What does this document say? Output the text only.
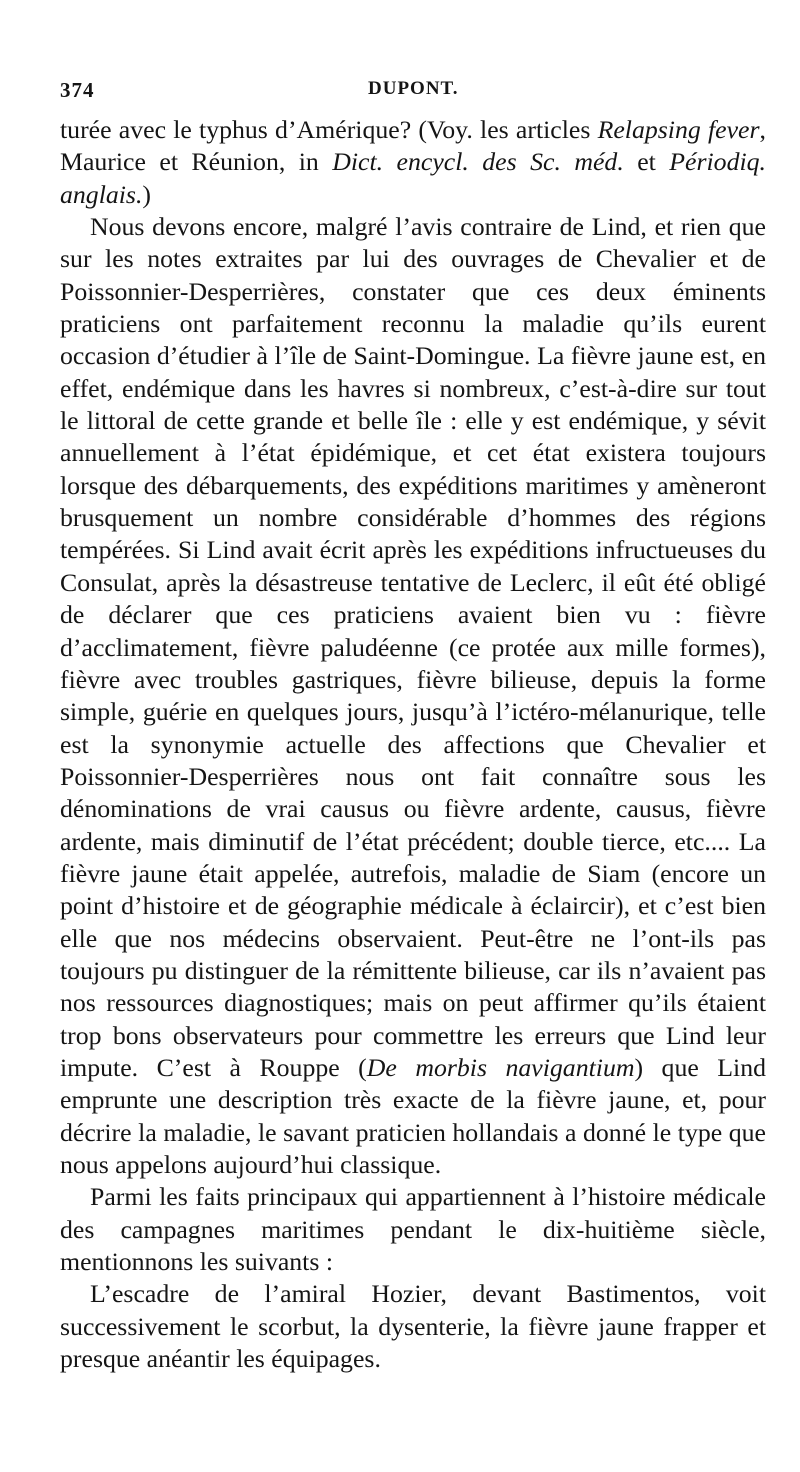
374	DUPONT.

turée avec le typhus d’Amérique? (Voy. les articles Relapsing fever, Maurice et Réunion, in Dict. encycl. des Sc. méd. et Périodiq. anglais.)

Nous devons encore, malgré l’avis contraire de Lind, et rien que sur les notes extraites par lui des ouvrages de Chevalier et de Poissonnier-Desperrières, constater que ces deux éminents praticiens ont parfaitement reconnu la maladie qu’ils eurent occasion d’étudier à l’île de Saint-Domingue. La fièvre jaune est, en effet, endémique dans les havres si nombreux, c’est-à-dire sur tout le littoral de cette grande et belle île : elle y est endémique, y sévit annuellement à l’état épidémique, et cet état existera toujours lorsque des débarquements, des expéditions maritimes y amèneront brusquement un nombre considérable d’hommes des régions tempérées. Si Lind avait écrit après les expéditions infructueuses du Consulat, après la désastreuse tentative de Leclerc, il eût été obligé de déclarer que ces praticiens avaient bien vu : fièvre d’acclimatement, fièvre paludéenne (ce protée aux mille formes), fièvre avec troubles gastriques, fièvre bilieuse, depuis la forme simple, guérie en quelques jours, jusqu’à l’ictéro-mélanurique, telle est la synonymie actuelle des affections que Chevalier et Poissonnier-Desperrières nous ont fait connaître sous les dénominations de vrai causus ou fièvre ardente, causus, fièvre ardente, mais diminutif de l’état précédent; double tierce, etc.... La fièvre jaune était appelée, autrefois, maladie de Siam (encore un point d’histoire et de géographie médicale à éclaircir), et c’est bien elle que nos médecins observaient. Peut-être ne l’ont-ils pas toujours pu distinguer de la rémittente bilieuse, car ils n’avaient pas nos ressources diagnostiques; mais on peut affirmer qu’ils étaient trop bons observateurs pour commettre les erreurs que Lind leur impute. C’est à Rouppe (De morbis navigantium) que Lind emprunte une description très exacte de la fièvre jaune, et, pour décrire la maladie, le savant praticien hollandais a donné le type que nous appelons aujourd’hui classique.

Parmi les faits principaux qui appartiennent à l’histoire médicale des campagnes maritimes pendant le dix-huitième siècle, mentionnons les suivants :

L’escadre de l’amiral Hozier, devant Bastimentos, voit successivement le scorbut, la dysenterie, la fièvre jaune frapper et presque anéantir les équipages.
